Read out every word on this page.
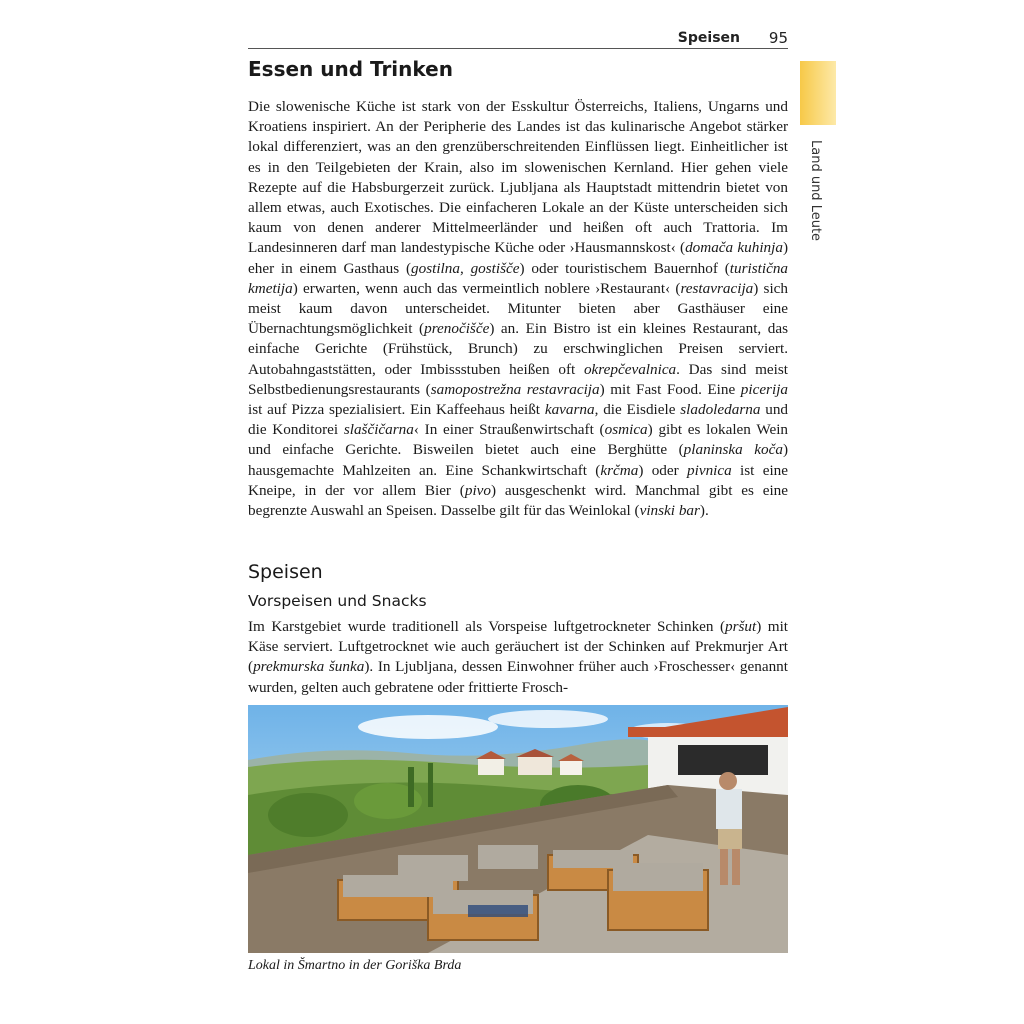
Speisen 95
Land und Leute
Essen und Trinken

Die slowenische Küche ist stark von der Esskultur Österreichs, Italiens, Ungarns und Kroatiens inspiriert. An der Peripherie des Landes ist das kulinarische Angebot stärker lokal differenziert, was an den grenzüberschreitenden Einflüssen liegt. Einheitlicher ist es in den Teilgebieten der Krain, also im slowenischen Kernland. Hier gehen viele Rezepte auf die Habsburgerzeit zurück. Ljubljana als Hauptstadt mittendrin bietet von allem etwas, auch Exotisches. Die einfacheren Lokale an der Küste unterscheiden sich kaum von denen anderer Mittelmeerländer und heißen oft auch Trattoria. Im Landesinneren darf man landestypische Küche oder ›Hausmannskost‹ (domača kuhinja) eher in einem Gasthaus (gostilna, gostišče) oder touristischem Bauernhof (turistična kmetija) erwarten, wenn auch das vermeintlich noblere ›Restaurant‹ (restavracija) sich meist kaum davon unterscheidet. Mitunter bieten aber Gasthäuser eine Übernachtungsmöglichkeit (prenočišče) an. Ein Bistro ist ein kleines Restaurant, das einfache Gerichte (Frühstück, Brunch) zu erschwinglichen Preisen serviert. Autobahngaststätten, oder Imbissstuben heißen oft okrepčevalnica. Das sind meist Selbstbedienungsrestaurants (samopostrežna restavracija) mit Fast Food. Eine picerija ist auf Pizza spezialisiert. Ein Kaffeehaus heißt kavarna, die Eisdiele sladoledarna und die Konditorei slaščičarna‹ In einer Straußenwirtschaft (osmica) gibt es lokalen Wein und einfache Gerichte. Bisweilen bietet auch eine Berghütte (planinska koča) hausgemachte Mahlzeiten an. Eine Schankwirtschaft (krčma) oder pivnica ist eine Kneipe, in der vor allem Bier (pivo) ausgeschenkt wird. Manchmal gibt es eine begrenzte Auswahl an Speisen. Dasselbe gilt für das Weinlokal (vinski bar).

Speisen
Vorspeisen und Snacks

Im Karstgebiet wurde traditionell als Vorspeise luftgetrockneter Schinken (pršut) mit Käse serviert. Luftgetrocknet wie auch geräuchert ist der Schinken auf Prekmurjer Art (prekmurska šunka). In Ljubljana, dessen Einwohner früher auch ›Froschesser‹ genannt wurden, gelten auch gebratene oder frittierte Frosch-

Lokal in Šmartno in der Goriška Brda
